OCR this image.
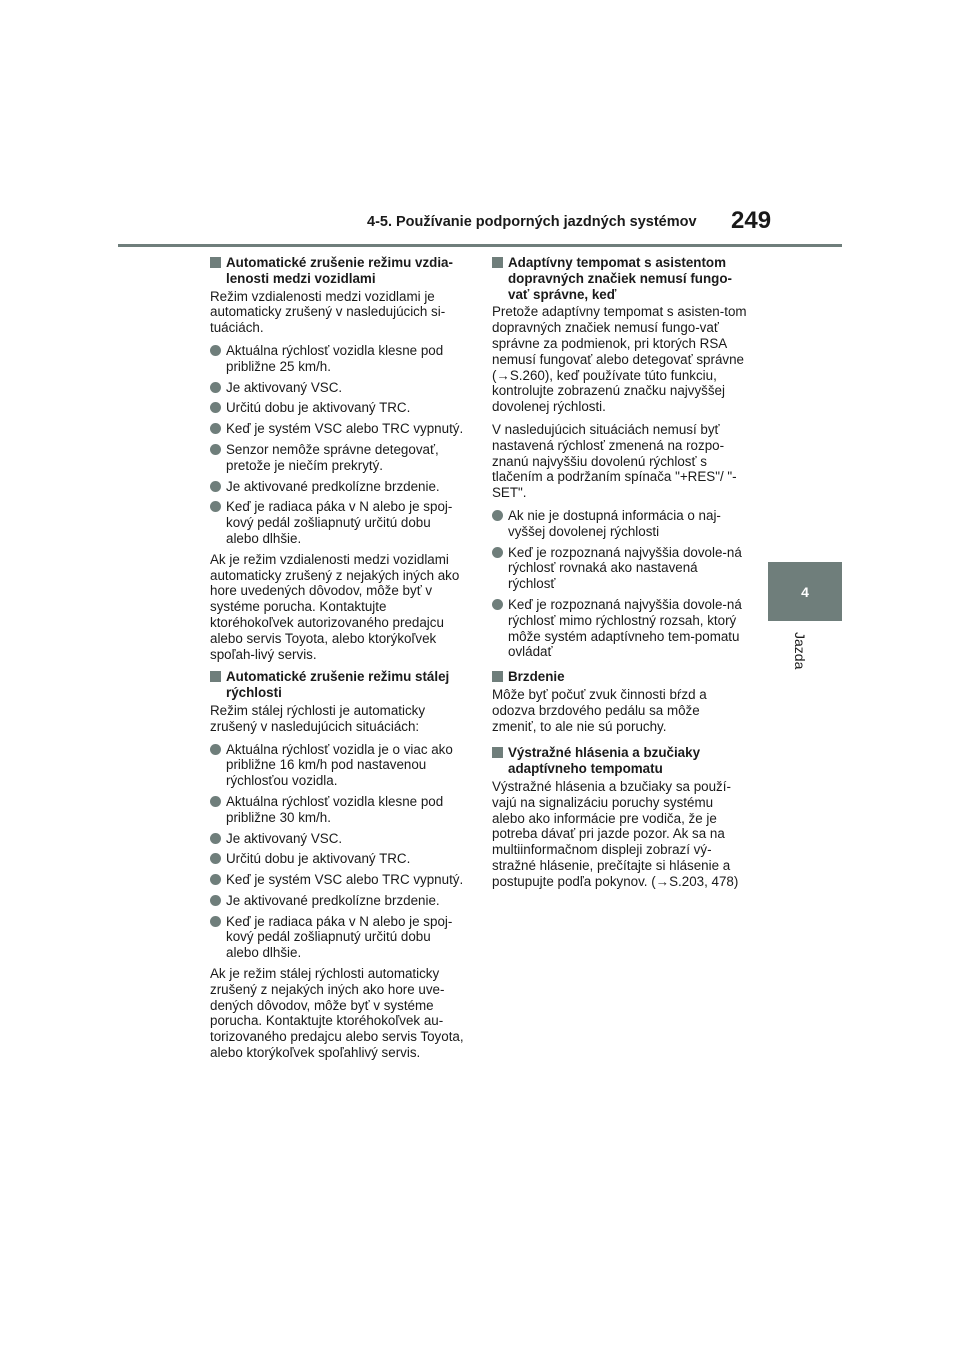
4-5. Používanie podporných jazdných systémov 249
4
Jazda
Automatické zrušenie režimu vzdia-lenosti medzi vozidlami
Režim vzdialenosti medzi vozidlami je automaticky zrušený v nasledujúcich si-tuáciách.
Aktuálna rýchlosť vozidla klesne pod približne 25 km/h.
Je aktivovaný VSC.
Určitú dobu je aktivovaný TRC.
Keď je systém VSC alebo TRC vypnutý.
Senzor nemôže správne detegovať, pretože je niečím prekrytý.
Je aktivované predkolízne brzdenie.
Keď je radiaca páka v N alebo je spoj-kový pedál zošliapnutý určitú dobu alebo dlhšie.
Ak je režim vzdialenosti medzi vozidlami automaticky zrušený z nejakých iných ako hore uvedených dôvodov, môže byť v systéme porucha. Kontaktujte ktoréhokoľvek autorizovaného predajcu alebo servis Toyota, alebo ktorýkoľvek spoľah-livý servis.
Automatické zrušenie režimu stálej rýchlosti
Režim stálej rýchlosti je automaticky zrušený v nasledujúcich situáciách:
Aktuálna rýchlosť vozidla je o viac ako približne 16 km/h pod nastavenou rýchlosťou vozidla.
Aktuálna rýchlosť vozidla klesne pod približne 30 km/h.
Je aktivovaný VSC.
Určitú dobu je aktivovaný TRC.
Keď je systém VSC alebo TRC vypnutý.
Je aktivované predkolízne brzdenie.
Keď je radiaca páka v N alebo je spoj-kový pedál zošliapnutý určitú dobu alebo dlhšie.
Ak je režim stálej rýchlosti automaticky zrušený z nejakých iných ako hore uve-dených dôvodov, môže byť v systéme porucha. Kontaktujte ktoréhokoľvek au-torizovaného predajcu alebo servis Toyota, alebo ktorýkoľvek spoľahlivý servis.
Adaptívny tempomat s asistentom dopravných značiek nemusí fungo-vať správne, keď
Pretože adaptívny tempomat s asisten-tom dopravných značiek nemusí fungo-vať správne za podmienok, pri ktorých RSA nemusí fungovať alebo detegovať správne (→S.260), keď používate túto funkciu, kontrolujte zobrazenú značku najvyššej dovolenej rýchlosti.
V nasledujúcich situáciách nemusí byť nastavená rýchlosť zmenená na rozpo-znanú najvyššiu dovolenú rýchlosť s tlačením a podržaním spínača "+RES"/ "-SET".
Ak nie je dostupná informácia o naj-vyššej dovolenej rýchlosti
Keď je rozpoznaná najvyššia dovole-ná rýchlosť rovnaká ako nastavená rýchlosť
Keď je rozpoznaná najvyššia dovole-ná rýchlosť mimo rýchlostný rozsah, ktorý môže systém adaptívneho tem-pomatu ovládať
Brzdenie
Môže byť počuť zvuk činnosti bŕzd a odozva brzdového pedálu sa môže zmeniť, to ale nie sú poruchy.
Výstražné hlásenia a bzučiaky adaptívneho tempomatu
Výstražné hlásenia a bzučiaky sa použí-vajú na signalizáciu poruchy systému alebo ako informácie pre vodiča, že je potreba dávať pri jazde pozor. Ak sa na multiinformačnom displeji zobrazí vý-stražné hlásenie, prečítajte si hlásenie a postupujte podľa pokynov. (→S.203, 478)
